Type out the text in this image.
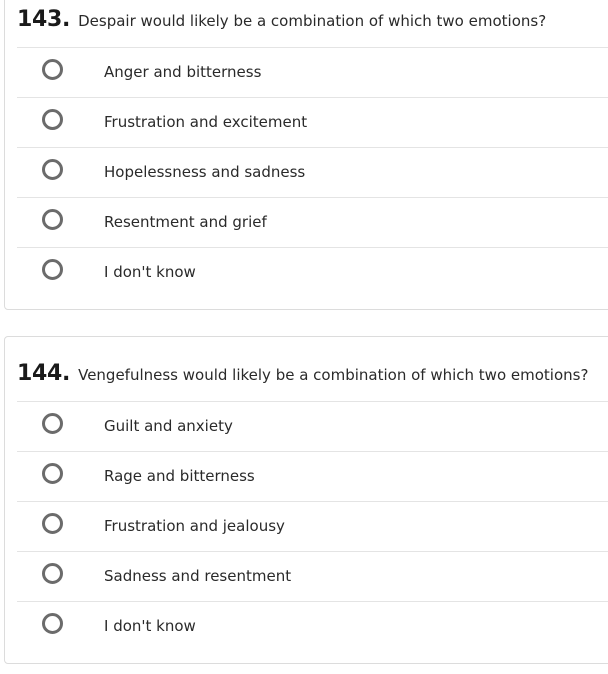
143. Despair would likely be a combination of which two emotions?
Anger and bitterness
Frustration and excitement
Hopelessness and sadness
Resentment and grief
I don't know
144. Vengefulness would likely be a combination of which two emotions?
Guilt and anxiety
Rage and bitterness
Frustration and jealousy
Sadness and resentment
I don't know
